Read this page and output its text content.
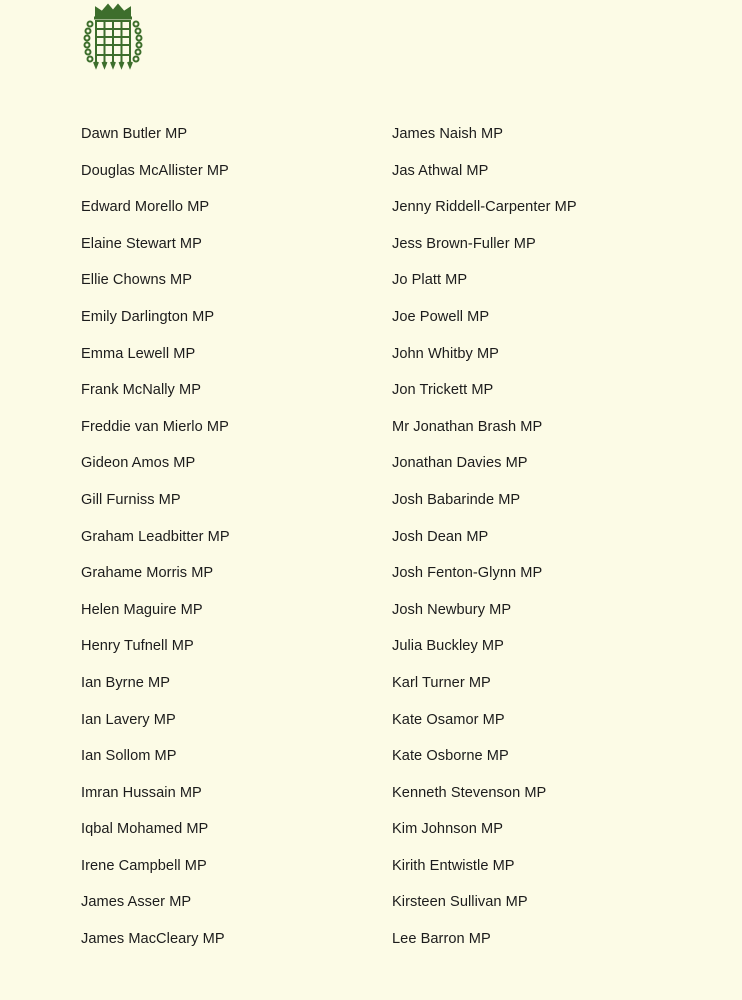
Dawn Butler MP
Douglas McAllister MP
Edward Morello MP
Elaine Stewart MP
Ellie Chowns MP
Emily Darlington MP
Emma Lewell MP
Frank McNally MP
Freddie van Mierlo MP
Gideon Amos MP
Gill Furniss MP
Graham Leadbitter MP
Grahame Morris MP
Helen Maguire MP
Henry Tufnell MP
Ian Byrne MP
Ian Lavery MP
Ian Sollom MP
Imran Hussain MP
Iqbal Mohamed MP
Irene Campbell MP
James Asser MP
James MacCleary MP
James Naish MP
Jas Athwal MP
Jenny Riddell-Carpenter MP
Jess Brown-Fuller MP
Jo Platt MP
Joe Powell MP
John Whitby MP
Jon Trickett MP
Mr Jonathan Brash MP
Jonathan Davies MP
Josh Babarinde MP
Josh Dean MP
Josh Fenton-Glynn MP
Josh Newbury MP
Julia Buckley MP
Karl Turner MP
Kate Osamor MP
Kate Osborne MP
Kenneth Stevenson MP
Kim Johnson MP
Kirith Entwistle MP
Kirsteen Sullivan MP
Lee Barron MP
